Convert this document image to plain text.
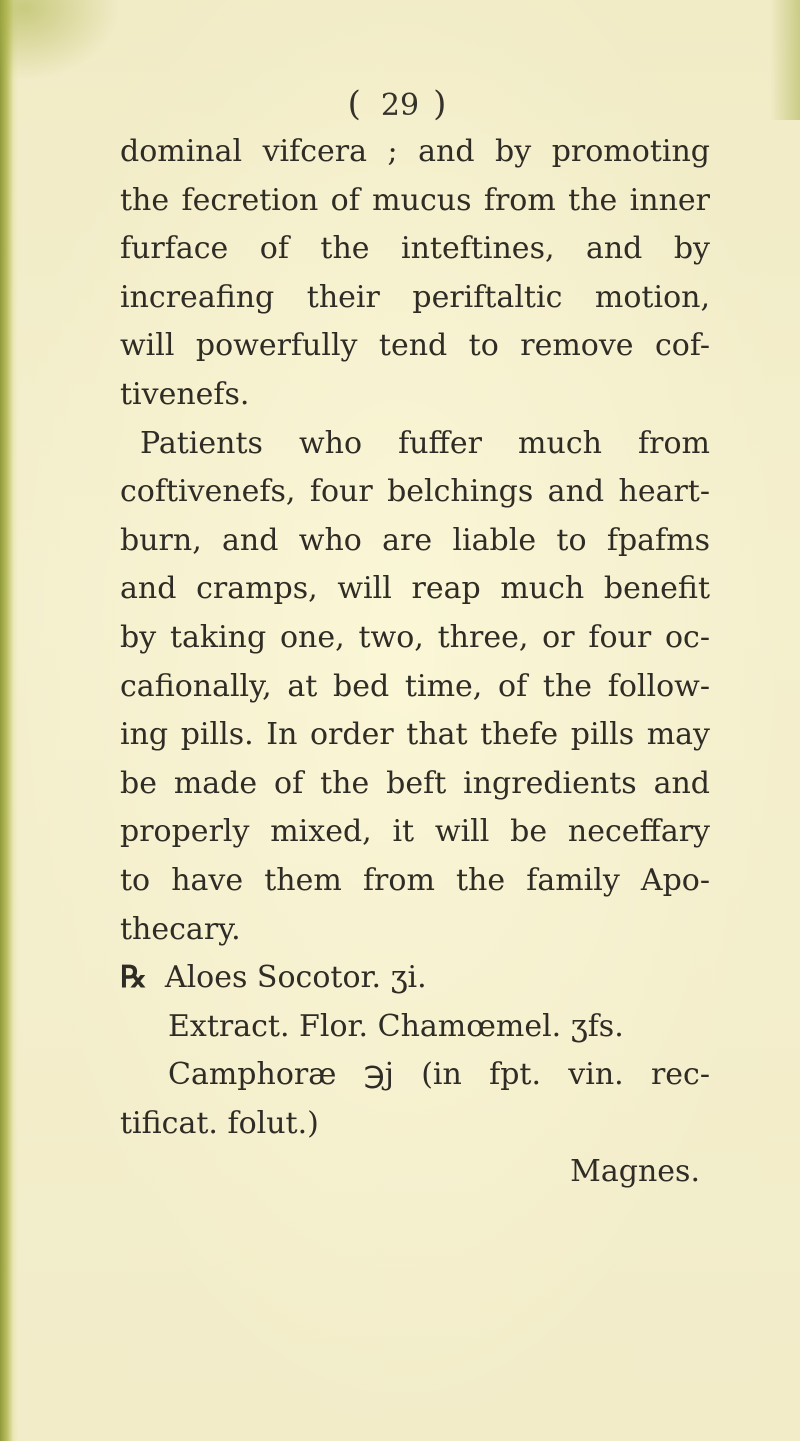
( 29 )
dominal vifcera ; and by promoting
the fecretion of mucus from the inner
furface of the inteftines, and by
increafing their periftaltic motion,
will powerfully tend to remove cof-
tivenefs.
Patients who fuffer much from
coftivenefs, four belchings and heart-
burn, and who are liable to fpafms
and cramps, will reap much benefit
by taking one, two, three, or four oc-
cafionally, at bed time, of the follow-
ing pills. In order that thefe pills may
be made of the beft ingredients and
properly mixed, it will be neceffary
to have them from the family Apo-
thecary.
℞ Aloes Socotor. ʒi.
Extract. Flor. Chamœmel. ʒfs.
Camphoræ ℈j (in fpt. vin. rec-
tificat. folut.)
Magnes.
